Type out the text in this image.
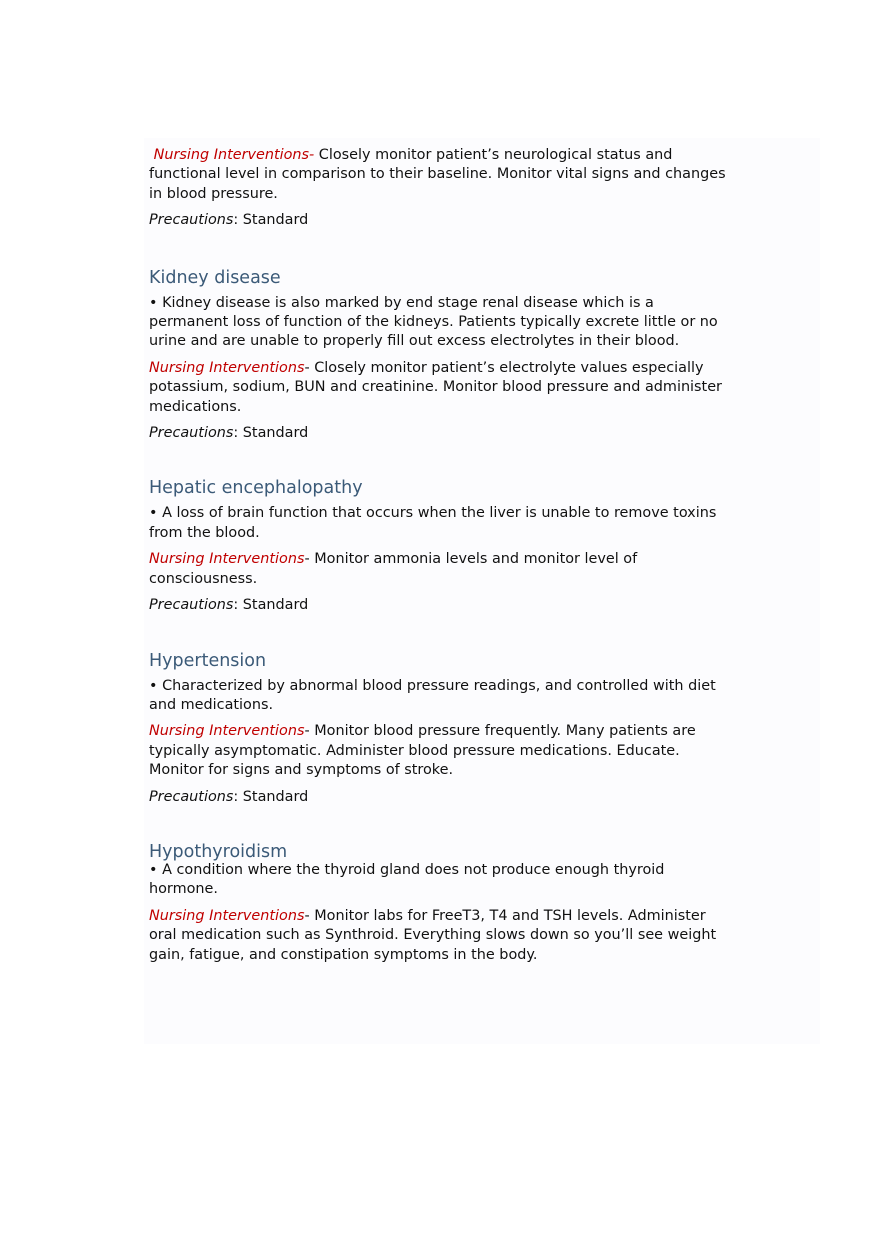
Nursing Interventions- Closely monitor patient’s neurological status and functional level in comparison to their baseline. Monitor vital signs and changes in blood pressure.

Precautions: Standard

Kidney disease

• Kidney disease is also marked by end stage renal disease which is a permanent loss of function of the kidneys. Patients typically excrete little or no urine and are unable to properly fill out excess electrolytes in their blood.

Nursing Interventions- Closely monitor patient’s electrolyte values especially potassium, sodium, BUN and creatinine. Monitor blood pressure and administer medications.

Precautions: Standard

Hepatic encephalopathy

• A loss of brain function that occurs when the liver is unable to remove toxins from the blood.

Nursing Interventions- Monitor ammonia levels and monitor level of consciousness.

Precautions: Standard

Hypertension

• Characterized by abnormal blood pressure readings, and controlled with diet and medications.

Nursing Interventions- Monitor blood pressure frequently. Many patients are typically asymptomatic. Administer blood pressure medications. Educate. Monitor for signs and symptoms of stroke.

Precautions: Standard

Hypothyroidism

• A condition where the thyroid gland does not produce enough thyroid hormone.

Nursing Interventions- Monitor labs for FreeT3, T4 and TSH levels. Administer oral medication such as Synthroid. Everything slows down so you’ll see weight gain, fatigue, and constipation symptoms in the body.
